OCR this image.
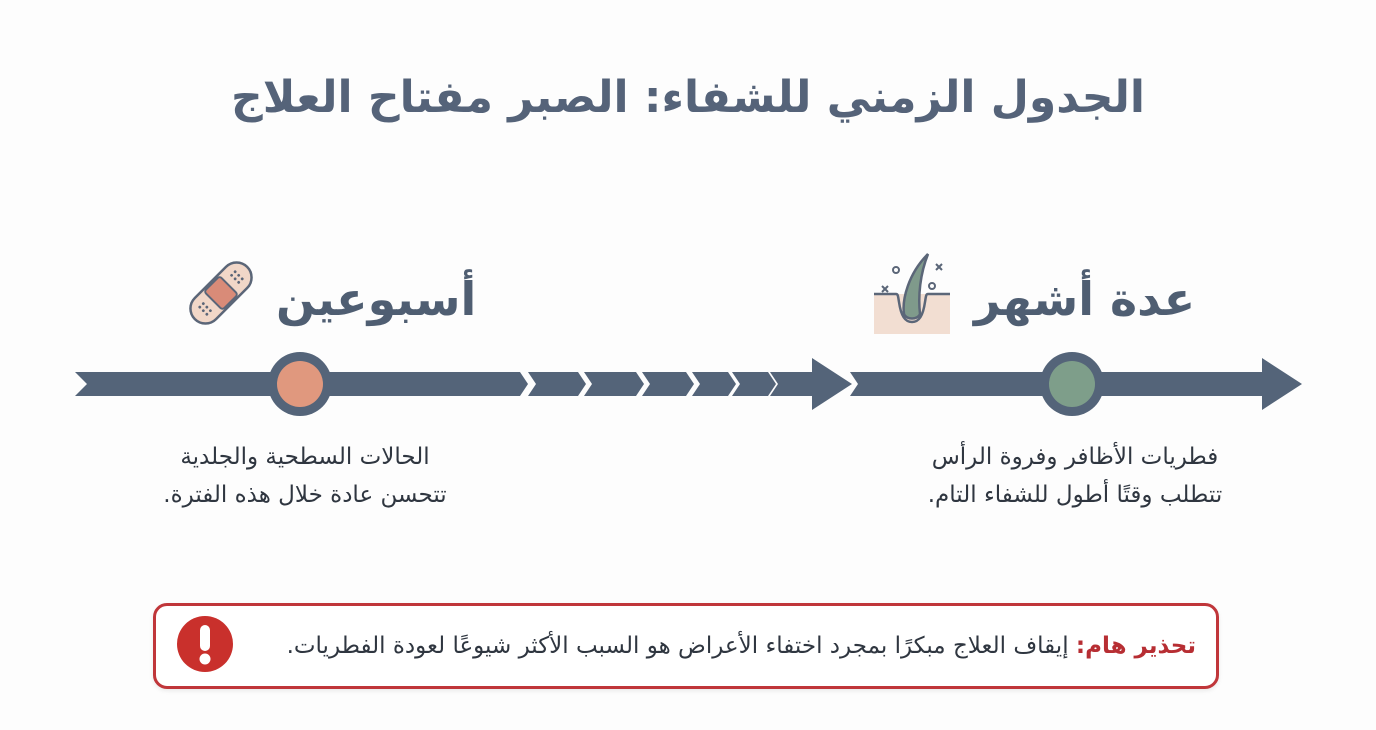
الجدول الزمني للشفاء: الصبر مفتاح العلاج
أسبوعين	عدة أشهر
الحالات السطحية والجلدية
تتحسن عادة خلال هذه الفترة.
فطريات الأظافر وفروة الرأس
تتطلب وقتًا أطول للشفاء التام.
تحذير هام: إيقاف العلاج مبكرًا بمجرد اختفاء الأعراض هو السبب الأكثر شيوعًا لعودة الفطريات.
